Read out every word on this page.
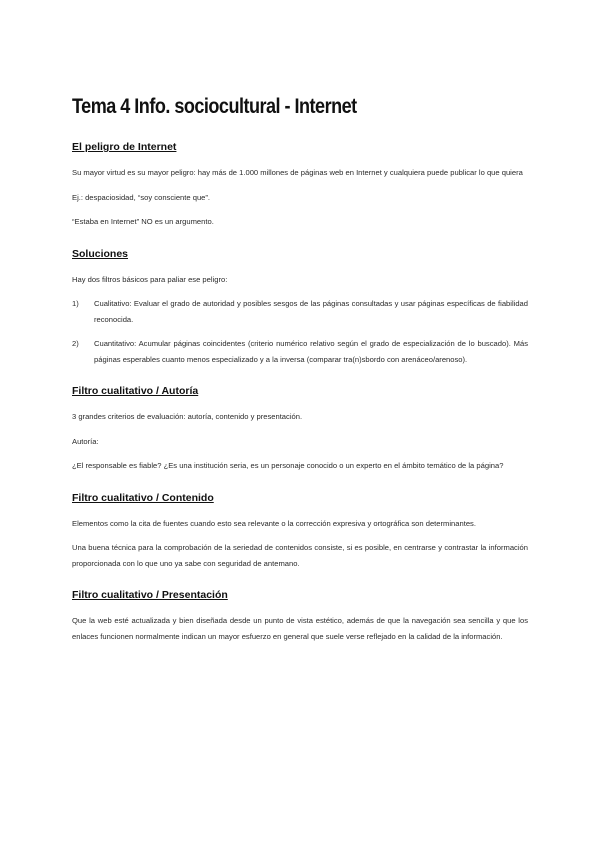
Tema 4 Info. sociocultural - Internet
El peligro de Internet

Su mayor virtud es su mayor peligro: hay más de 1.000 millones de páginas web en Internet y cualquiera puede publicar lo que quiera

Ej.: despaciosidad, “soy consciente que”.

“Estaba en Internet” NO es un argumento.

Soluciones

Hay dos filtros básicos para paliar ese peligro:

1)	Cualitativo: Evaluar el grado de autoridad y posibles sesgos de las páginas consultadas y usar páginas específicas de fiabilidad reconocida.
2)	Cuantitativo: Acumular páginas coincidentes (criterio numérico relativo según el grado de especialización de lo buscado). Más páginas esperables cuanto menos especializado y a la inversa (comparar tra(n)sbordo con arenáceo/arenoso).
Filtro cualitativo / Autoría

3 grandes criterios de evaluación: autoría, contenido y presentación.

Autoría:

¿El responsable es fiable? ¿Es una institución seria, es un personaje conocido o un experto en el ámbito temático de la página?

Filtro cualitativo / Contenido

Elementos como la cita de fuentes cuando esto sea relevante o la corrección expresiva y ortográfica son determinantes.

Una buena técnica para la comprobación de la seriedad de contenidos consiste, si es posible, en centrarse y contrastar la información proporcionada con lo que uno ya sabe con seguridad de antemano.

Filtro cualitativo / Presentación

Que la web esté actualizada y bien diseñada desde un punto de vista estético, además de que la navegación sea sencilla y que los enlaces funcionen normalmente indican un mayor esfuerzo en general que suele verse reflejado en la calidad de la información.
